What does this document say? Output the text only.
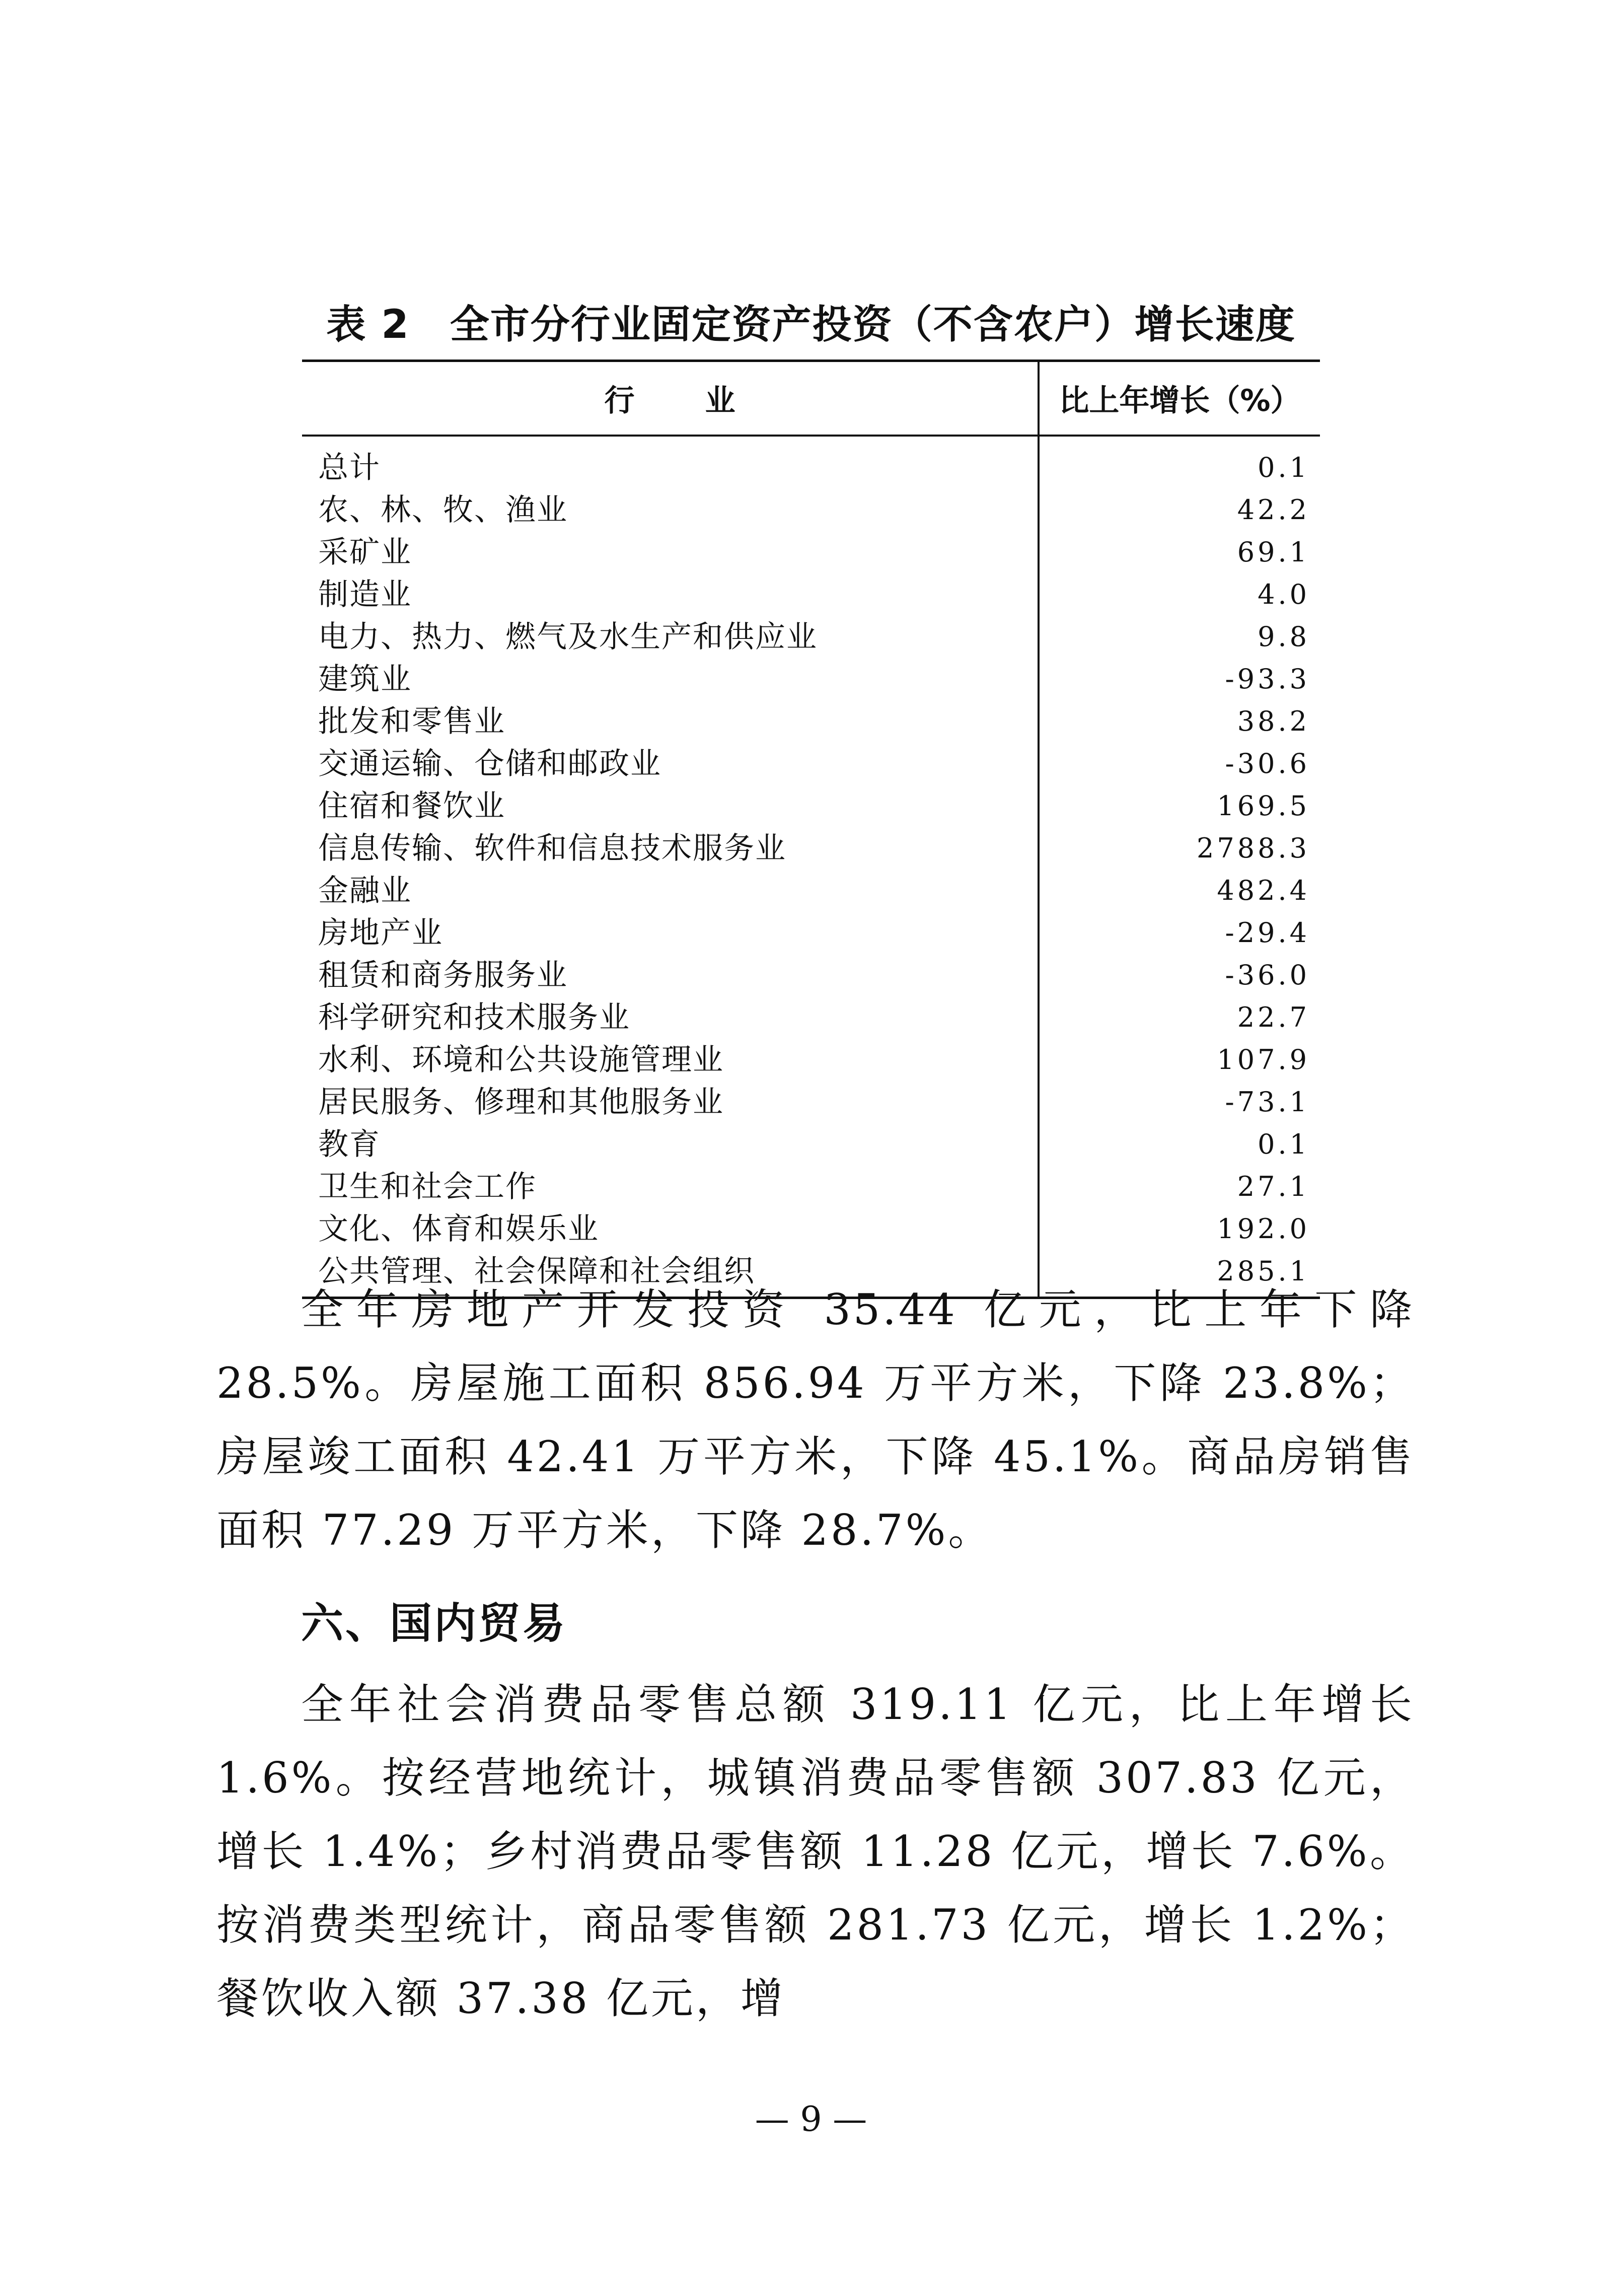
表 2　全市分行业固定资产投资（不含农户）增长速度
行业	比上年增长（%）
总计	0.1
农、林、牧、渔业	42.2
采矿业	69.1
制造业	4.0
电力、热力、燃气及水生产和供应业	9.8
建筑业	-93.3
批发和零售业	38.2
交通运输、仓储和邮政业	-30.6
住宿和餐饮业	169.5
信息传输、软件和信息技术服务业	2788.3
金融业	482.4
房地产业	-29.4
租赁和商务服务业	-36.0
科学研究和技术服务业	22.7
水利、环境和公共设施管理业	107.9
居民服务、修理和其他服务业	-73.1
教育	0.1
卫生和社会工作	27.1
文化、体育和娱乐业	192.0
公共管理、社会保障和社会组织	285.1

全年房地产开发投资 35.44 亿元，比上年下降 28.5%。房屋施工面积 856.94 万平方米，下降 23.8%；房屋竣工面积 42.41 万平方米，下降 45.1%。商品房销售面积 77.29 万平方米，下降 28.7%。

六、国内贸易

全年社会消费品零售总额 319.11 亿元，比上年增长 1.6%。按经营地统计，城镇消费品零售额 307.83 亿元，增长 1.4%；乡村消费品零售额 11.28 亿元，增长 7.6%。按消费类型统计，商品零售额 281.73 亿元，增长 1.2%；餐饮收入额 37.38 亿元，增

— 9 —
